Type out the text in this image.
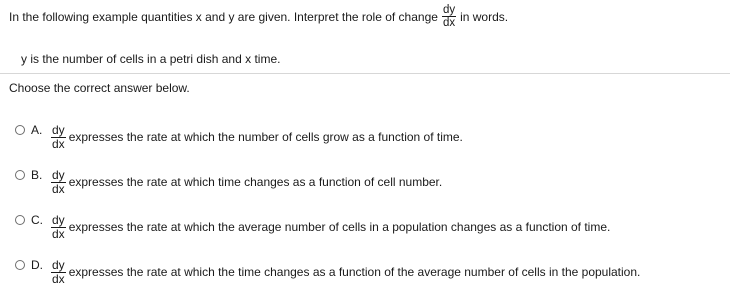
In the following example quantities x and y are given. Interpret the role of change $\frac{dy}{dx}$ in words.
y is the number of cells in a petri dish and x time.
Choose the correct answer below.
A. $\frac{dy}{dx}$ expresses the rate at which the number of cells grow as a function of time.
B. $\frac{dy}{dx}$ expresses the rate at which time changes as a function of cell number.
C. $\frac{dy}{dx}$ expresses the rate at which the average number of cells in a population changes as a function of time.
D. $\frac{dy}{dx}$ expresses the rate at which the time changes as a function of the average number of cells in the population.
